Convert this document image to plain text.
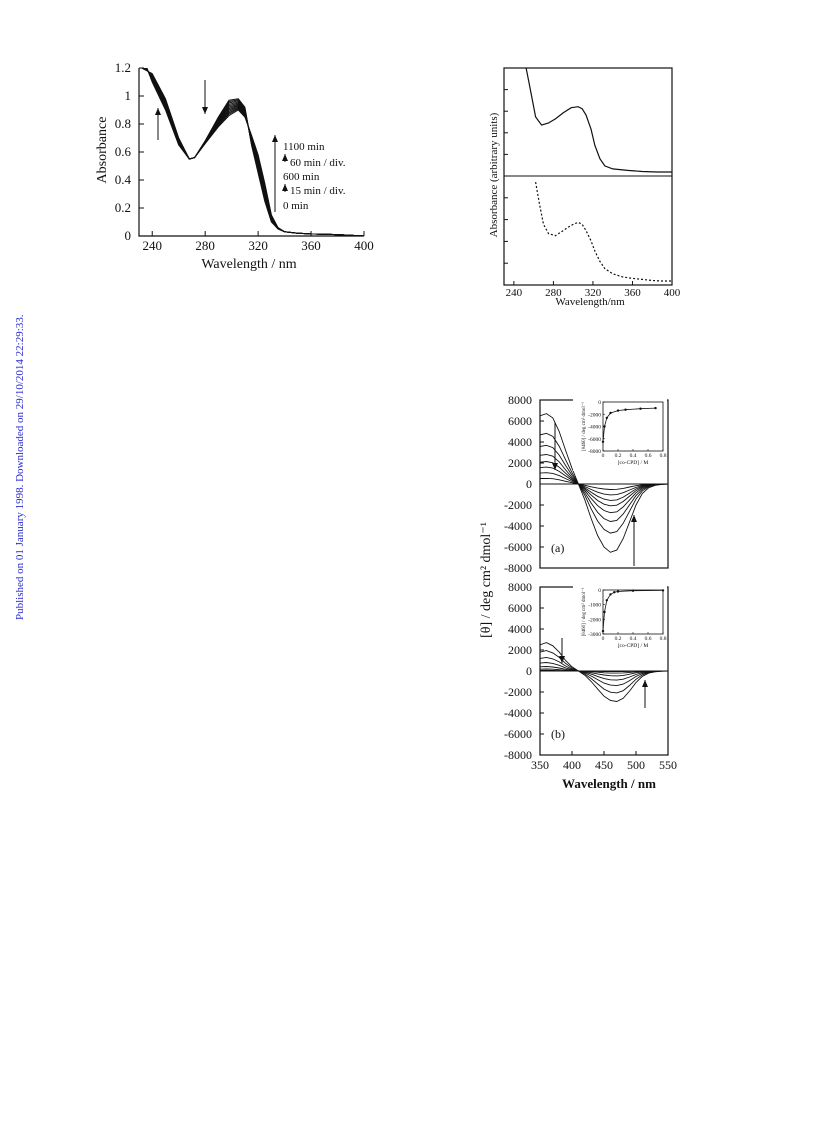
Published on 01 January 1998. Downloaded on 29/10/2014 22:29:33.
Absorbance
Wavelength / nm
1100 min
60 min / div.
600 min
15 min / div.
0 min
240	280	320	360	400
0
0.2
0.4
0.6
0.8
1
1.2
Absorbance (arbitrary units)
Wavelength/nm
240 280 320 360 400
(a)
-8000
-6000
-4000
-2000
0
2000
4000
6000
8000
0 0.2 0.4 0.6 0.8
0
-2000
-4000
-6000
-8000
[co-CPD] / M
[θ460] / deg cm² dmol⁻¹
(b)
Wavelength / nm
-8000
-6000
-4000
-2000
0
2000
4000
6000
8000
350 400 450 500 550
0 0.2 0.4 0.6 0.8
0
-1000
-2000
-3000
[co-CPD] / M
[θ460] / deg cm² dmol⁻¹
[θ] / deg cm² dmol⁻¹
